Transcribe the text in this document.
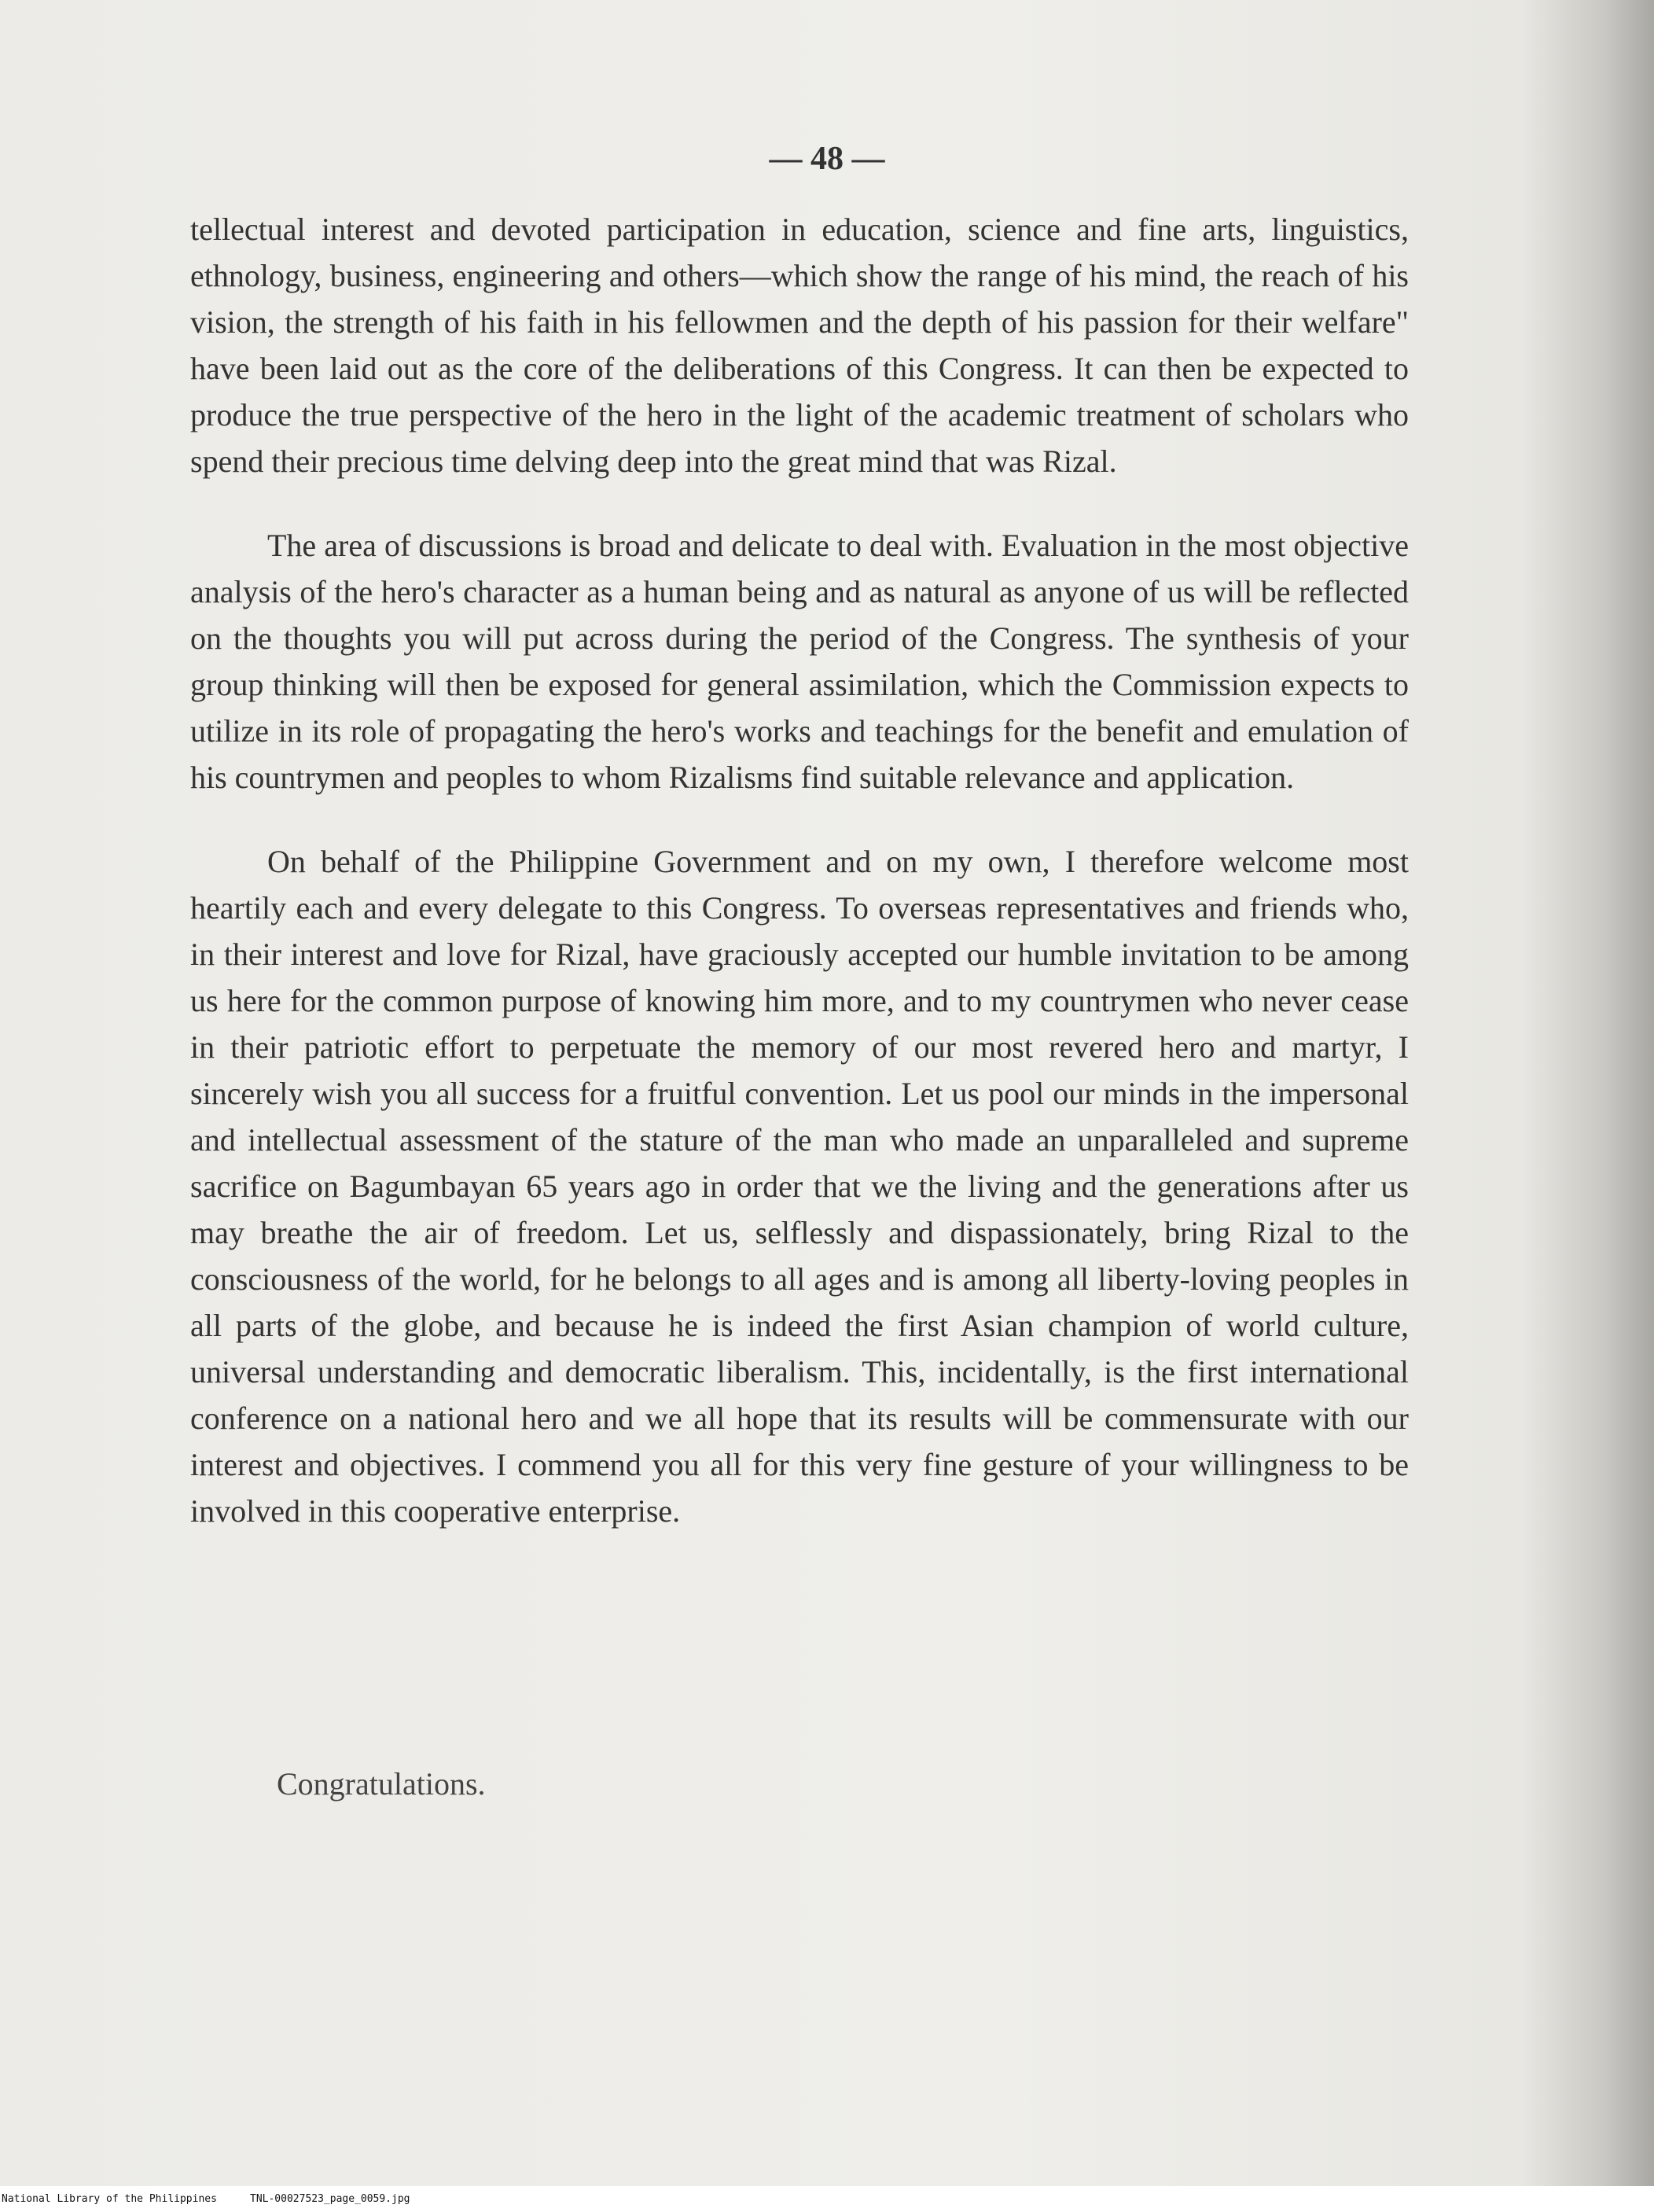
— 48 —

tellectual interest and devoted participation in education, science and fine arts, linguistics, ethnology, business, engineering and others—which show the range of his mind, the reach of his vision, the strength of his faith in his fellowmen and the depth of his passion for their welfare" have been laid out as the core of the deliberations of this Congress. It can then be expected to produce the true perspective of the hero in the light of the academic treatment of scholars who spend their precious time delving deep into the great mind that was Rizal.

The area of discussions is broad and delicate to deal with. Evaluation in the most objective analysis of the hero's character as a human being and as natural as anyone of us will be reflected on the thoughts you will put across during the period of the Congress. The synthesis of your group thinking will then be exposed for general assimilation, which the Commission expects to utilize in its role of propagating the hero's works and teachings for the benefit and emulation of his countrymen and peoples to whom Rizalisms find suitable relevance and application.

On behalf of the Philippine Government and on my own, I therefore welcome most heartily each and every delegate to this Congress. To overseas representatives and friends who, in their interest and love for Rizal, have graciously accepted our humble invitation to be among us here for the common purpose of knowing him more, and to my countrymen who never cease in their patriotic effort to perpetuate the memory of our most revered hero and martyr, I sincerely wish you all success for a fruitful convention. Let us pool our minds in the impersonal and intellectual assessment of the stature of the man who made an unparalleled and supreme sacrifice on Bagumbayan 65 years ago in order that we the living and the generations after us may breathe the air of freedom. Let us, selflessly and dispassionately, bring Rizal to the consciousness of the world, for he belongs to all ages and is among all liberty-loving peoples in all parts of the globe, and because he is indeed the first Asian champion of world culture, universal understanding and democratic liberalism. This, incidentally, is the first international conference on a national hero and we all hope that its results will be commensurate with our interest and objectives. I commend you all for this very fine gesture of your willingness to be involved in this cooperative enterprise.

Congratulations.

National Library of the Philippines	TNL-00027523_page_0059.jpg
